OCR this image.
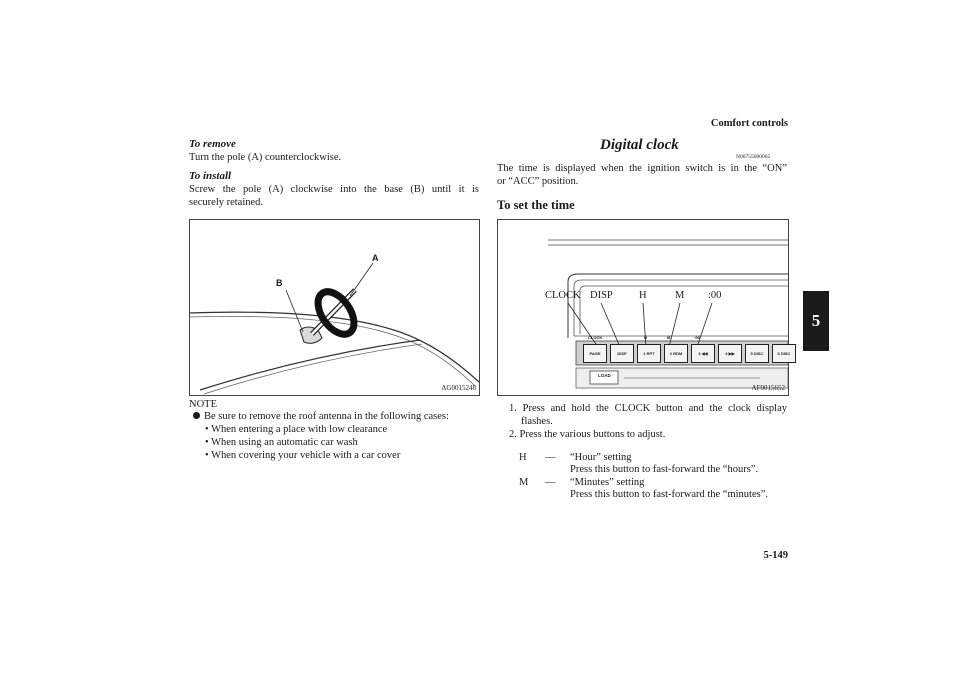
Comfort controls
5
To remove
Turn the pole (A) counterclockwise.
To install
Screw the pole (A) clockwise into the base (B) until it is
securely retained.
B
A
AG0015248
NOTE
Be sure to remove the roof antenna in the following cases:
• When entering a place with low clearance
• When using an automatic car wash
• When covering your vehicle with a car cover
Digital clock
N00755000065
The time is displayed when the ignition switch is in the “ON”
or “ACC” position.
To set the time
CLOCK DISP H	M :00
CLOCK	H	M	:00
PAGE	DISP	1 RPT	2 RDM	3 ◀◀	4 ▶▶	5 DISC	6 DISC
LOAD
AF0015652
1. Press and hold the CLOCK button and the clock display
flashes.
2. Press the various buttons to adjust.
H — “Hour” setting
Press this button to fast-forward the “hours”.
M — “Minutes” setting
Press this button to fast-forward the “minutes”.
5-149
